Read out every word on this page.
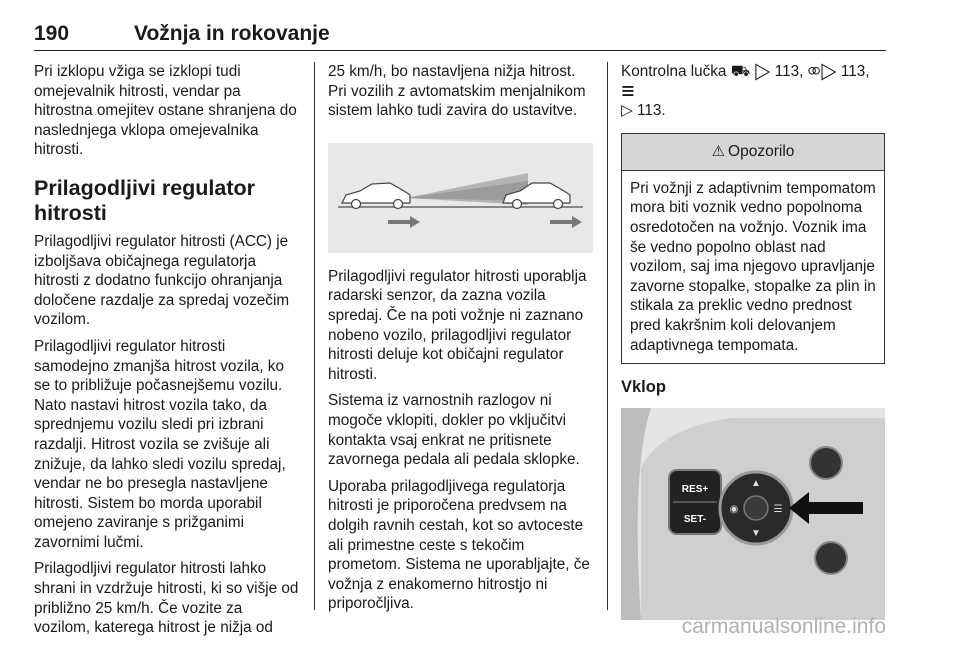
190	Vožnja in rokovanje

Pri izklopu vžiga se izklopi tudi omejevalnik hitrosti, vendar pa hitrostna omejitev ostane shranjena do naslednjega vklopa omejevalnika hitrosti.

Prilagodljivi regulator hitrosti

Prilagodljivi regulator hitrosti (ACC) je izboljšava običajnega regulatorja hitrosti z dodatno funkcijo ohranjanja določene razdalje za spredaj vozečim vozilom.

Prilagodljivi regulator hitrosti samodejno zmanjša hitrost vozila, ko se to približuje počasnejšemu vozilu. Nato nastavi hitrost vozila tako, da sprednjemu vozilu sledi pri izbrani razdalji. Hitrost vozila se zvišuje ali znižuje, da lahko sledi vozilu spredaj, vendar ne bo presegla nastavljene hitrosti. Sistem bo morda uporabil omejeno zaviranje s prižganimi zavornimi lučmi.

Prilagodljivi regulator hitrosti lahko shrani in vzdržuje hitrosti, ki so višje od približno 25 km/h. Če vozite za vozilom, katerega hitrost je nižja od

25 km/h, bo nastavljena nižja hitrost. Pri vozilih z avtomatskim menjalnikom sistem lahko tudi zavira do ustavitve.

Prilagodljivi regulator hitrosti uporablja radarski senzor, da zazna vozila spredaj. Če na poti vožnje ni zaznano nobeno vozilo, prilagodljivi regulator hitrosti deluje kot običajni regulator hitrosti.

Sistema iz varnostnih razlogov ni mogoče vklopiti, dokler po vključitvi kontakta vsaj enkrat ne pritisnete zavornega pedala ali pedala sklopke.

Uporaba prilagodljivega regulatorja hitrosti je priporočena predvsem na dolgih ravnih cestah, kot so avtoceste ali primestne ceste s tekočim prometom. Sistema ne uporabljajte, če vožnja z enakomerno hitrostjo ni priporočljiva.

Kontrolna lučka ⛟ ▷ 113, ⚭▷ 113, ☰
▷ 113.
⚠ Opozorilo
Pri vožnji z adaptivnim tempomatom mora biti voznik vedno popolnoma osredotočen na vožnjo. Voznik ima še vedno popolno oblast nad vozilom, saj ima njegovo upravljanje zavorne stopalke, stopalke za plin in stikala za preklic vedno prednost pred kakršnim koli delovanjem adaptivnega tempomata.
Vklop
RES+
SET-
▲
◉	☰
▼
carmanualsonline.info
